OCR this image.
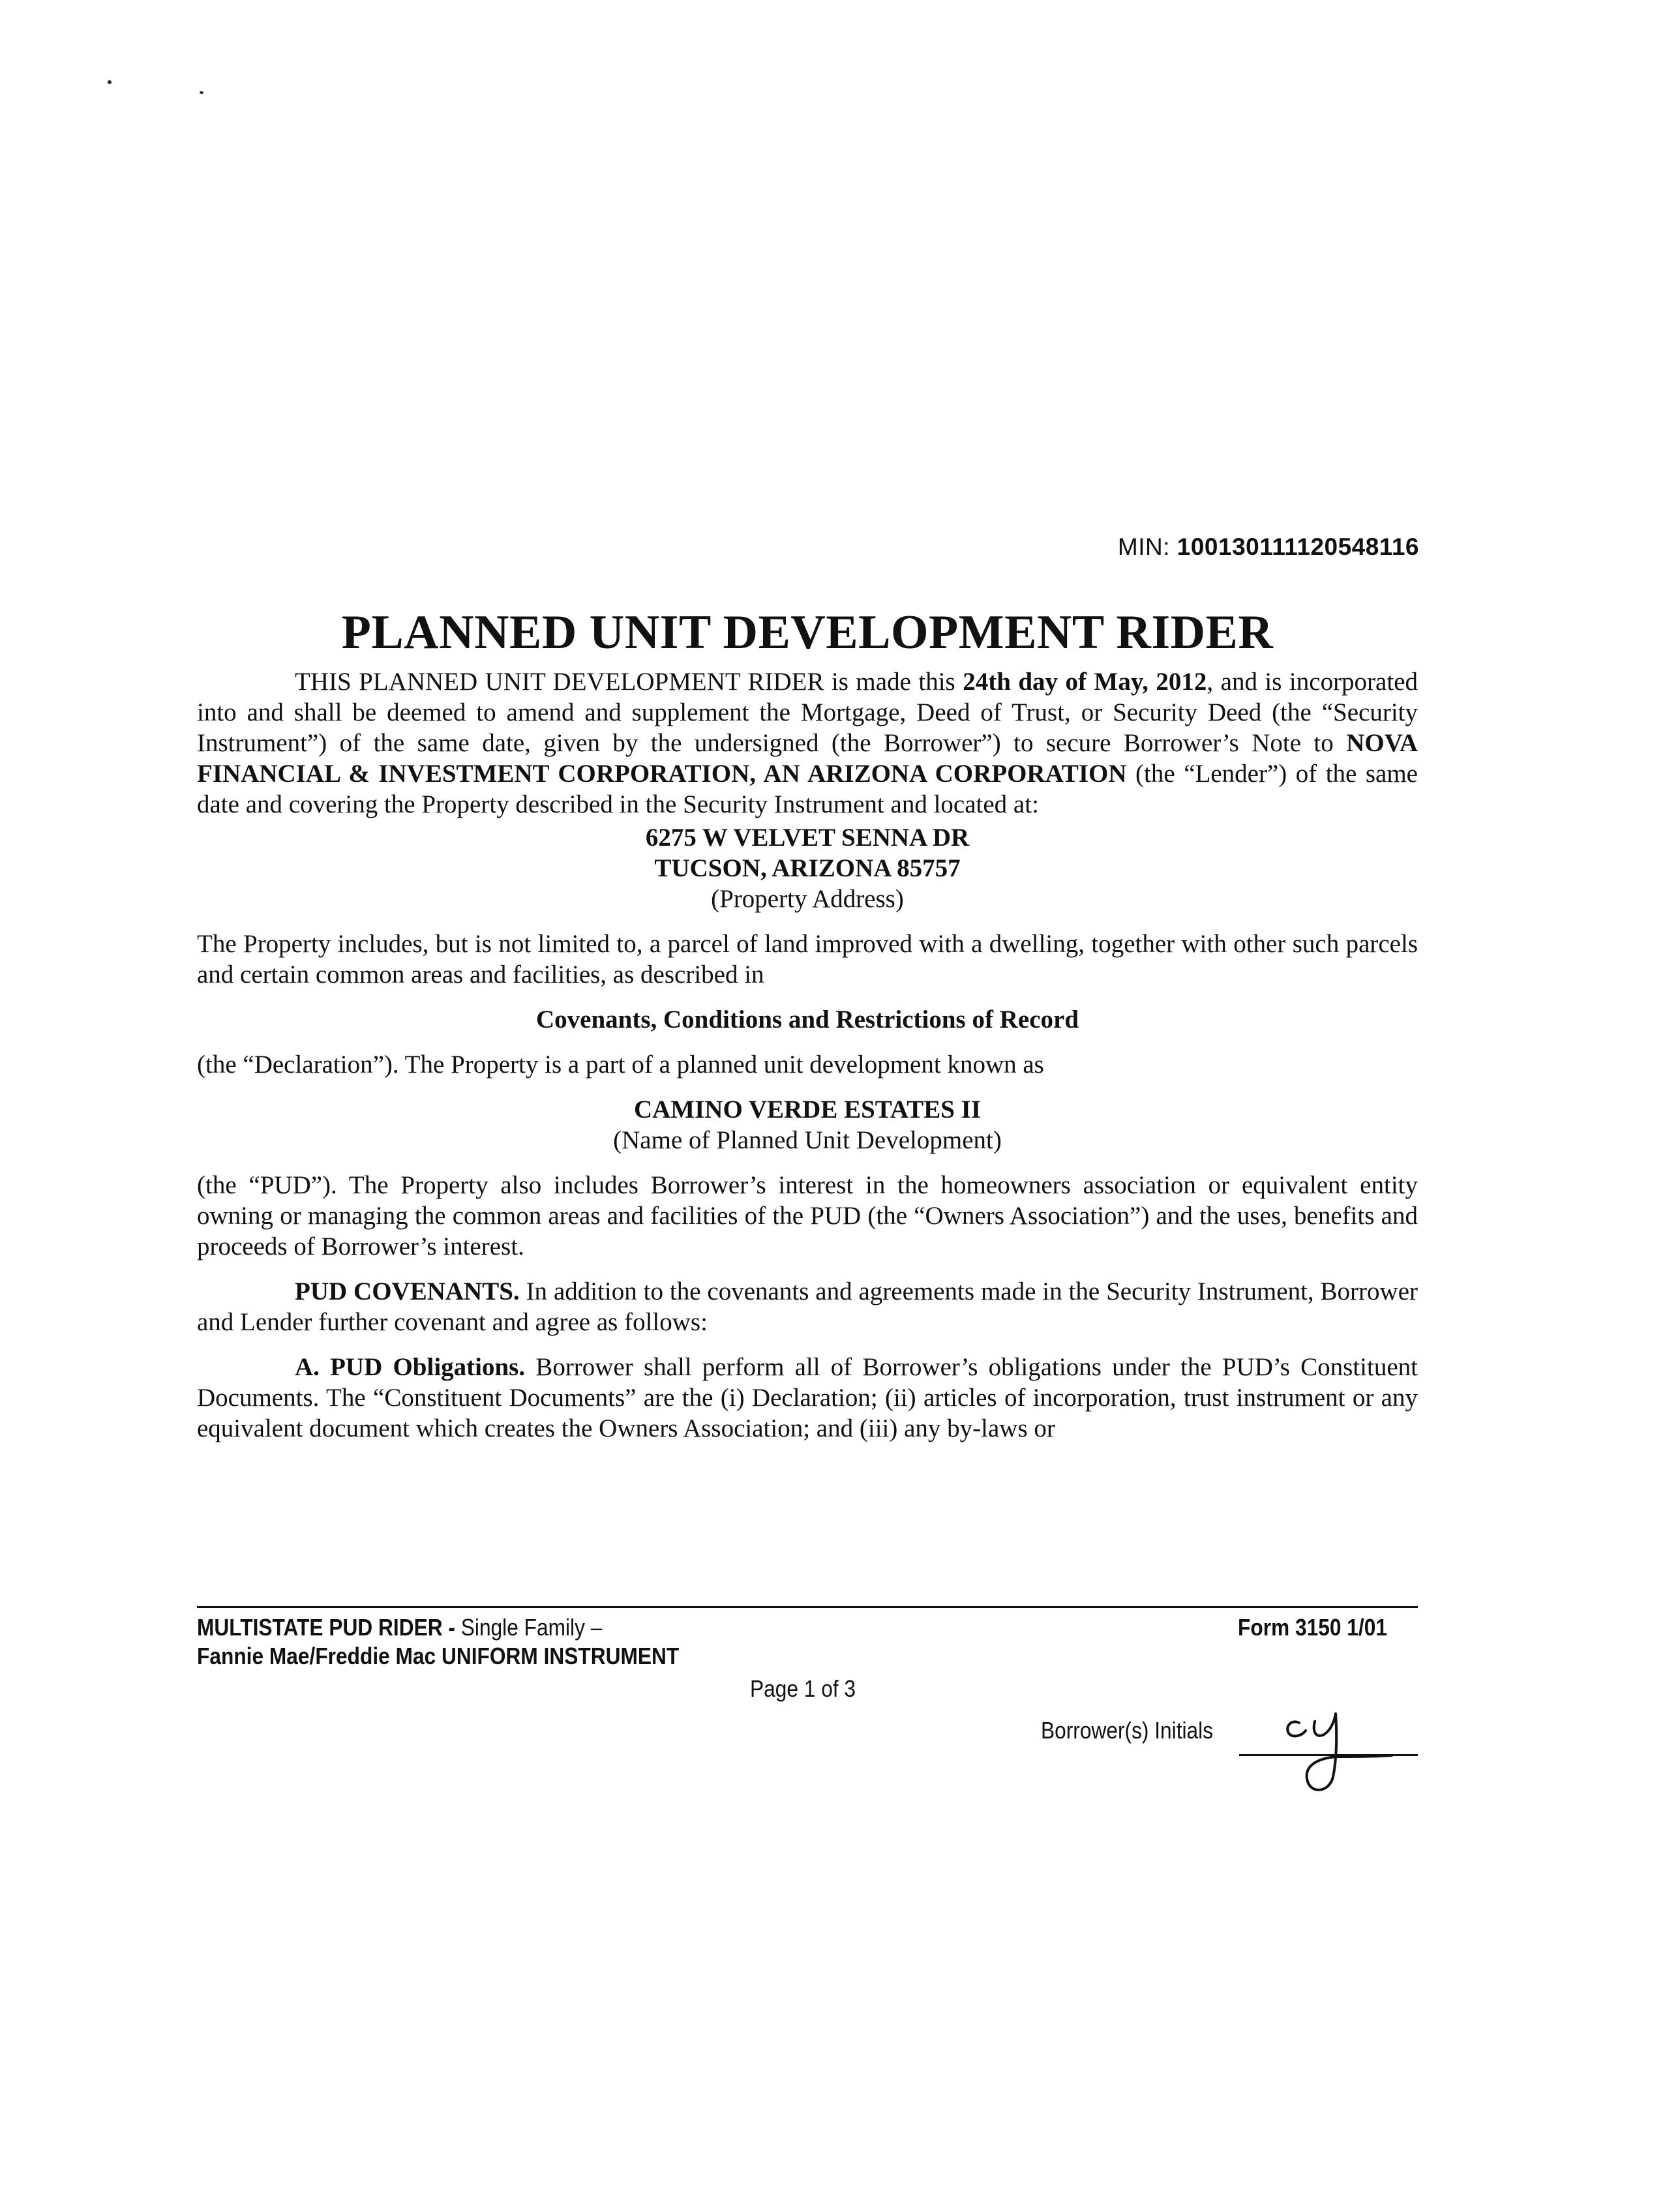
MIN: 100130111120548116
PLANNED UNIT DEVELOPMENT RIDER

THIS PLANNED UNIT DEVELOPMENT RIDER is made this 24th day of May, 2012, and is incorporated into and shall be deemed to amend and supplement the Mortgage, Deed of Trust, or Security Deed (the “Security Instrument”) of the same date, given by the undersigned (the Borrower”) to secure Borrower’s Note to NOVA FINANCIAL & INVESTMENT CORPORATION, AN ARIZONA CORPORATION (the “Lender”) of the same date and covering the Property described in the Security Instrument and located at:

6275 W VELVET SENNA DR
TUCSON, ARIZONA 85757
(Property Address)

The Property includes, but is not limited to, a parcel of land improved with a dwelling, together with other such parcels and certain common areas and facilities, as described in

Covenants, Conditions and Restrictions of Record

(the “Declaration”). The Property is a part of a planned unit development known as

CAMINO VERDE ESTATES II
(Name of Planned Unit Development)

(the “PUD”). The Property also includes Borrower’s interest in the homeowners association or equivalent entity owning or managing the common areas and facilities of the PUD (the “Owners Association”) and the uses, benefits and proceeds of Borrower’s interest.

PUD COVENANTS. In addition to the covenants and agreements made in the Security Instrument, Borrower and Lender further covenant and agree as follows:

A. PUD Obligations. Borrower shall perform all of Borrower’s obligations under the PUD’s Constituent Documents. The “Constituent Documents” are the (i) Declaration; (ii) articles of incorporation, trust instrument or any equivalent document which creates the Owners Association; and (iii) any by-laws or

MULTISTATE PUD RIDER - Single Family –
Fannie Mae/Freddie Mac UNIFORM INSTRUMENT
Form 3150 1/01
Page 1 of 3
Borrower(s) Initials
